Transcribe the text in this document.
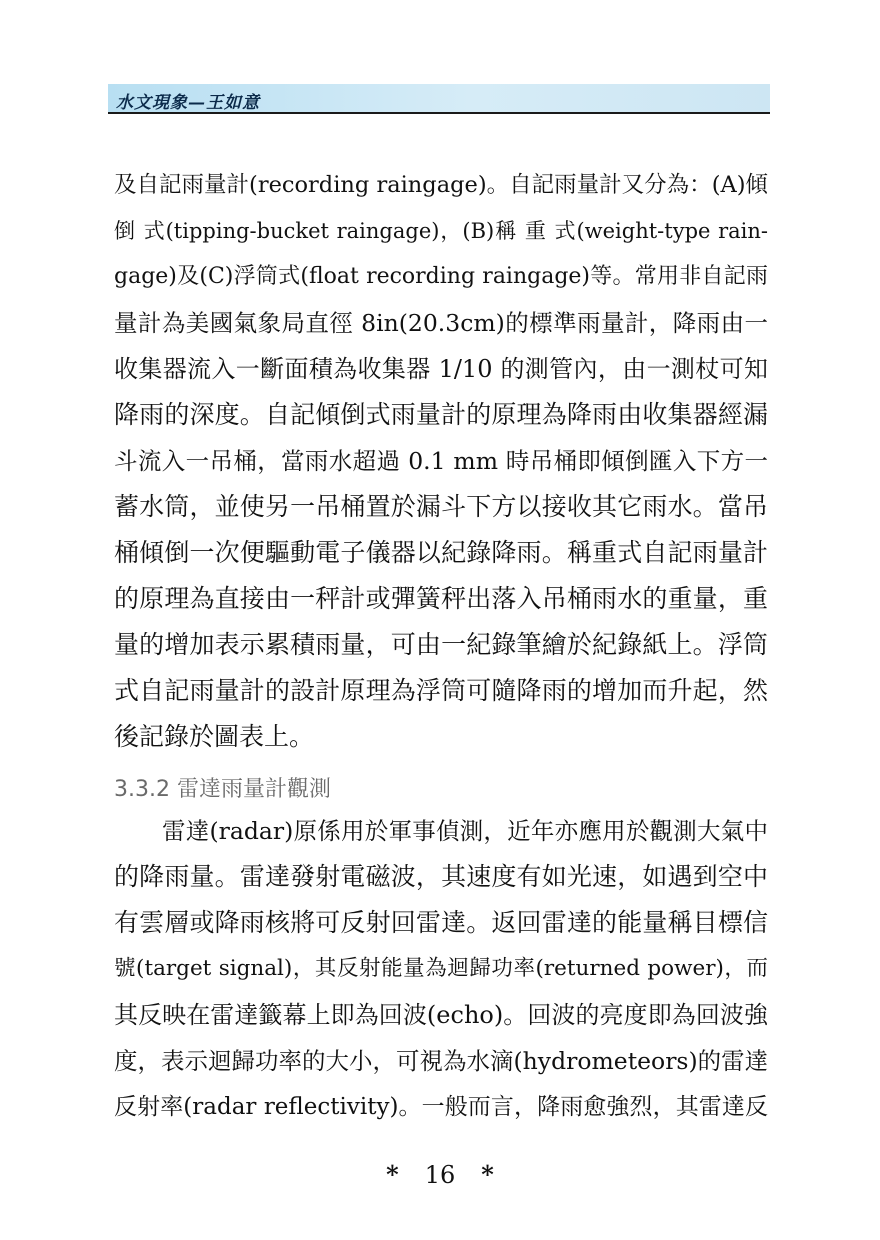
水文現象—王如意
及自記雨量計(recording raingage)。自記雨量計又分為：(A)傾
倒 式(tipping-bucket raingage)，(B)稱 重 式(weight-type rain-
gage)及(C)浮筒式(float recording raingage)等。常用非自記雨
量計為美國氣象局直徑 8in(20.3cm)的標準雨量計，降雨由一
收集器流入一斷面積為收集器 1/10 的測管內，由一測杖可知
降雨的深度。自記傾倒式雨量計的原理為降雨由收集器經漏
斗流入一吊桶，當雨水超過 0.1 mm 時吊桶即傾倒匯入下方一
蓄水筒，並使另一吊桶置於漏斗下方以接收其它雨水。當吊
桶傾倒一次便驅動電子儀器以紀錄降雨。稱重式自記雨量計
的原理為直接由一秤計或彈簧秤出落入吊桶雨水的重量，重
量的增加表示累積雨量，可由一紀錄筆繪於紀錄紙上。浮筒
式自記雨量計的設計原理為浮筒可隨降雨的增加而升起，然
後記錄於圖表上。
雷達(radar)原係用於軍事偵測，近年亦應用於觀測大氣中
的降雨量。雷達發射電磁波，其速度有如光速，如遇到空中
有雲層或降雨核將可反射回雷達。返回雷達的能量稱目標信
號(target signal)，其反射能量為迴歸功率(returned power)，而
其反映在雷達籤幕上即為回波(echo)。回波的亮度即為回波強
度，表示迴歸功率的大小，可視為水滴(hydrometeors)的雷達
反射率(radar reflectivity)。一般而言，降雨愈強烈，其雷達反
3.3.2 雷達雨量計觀測
* 16 *
